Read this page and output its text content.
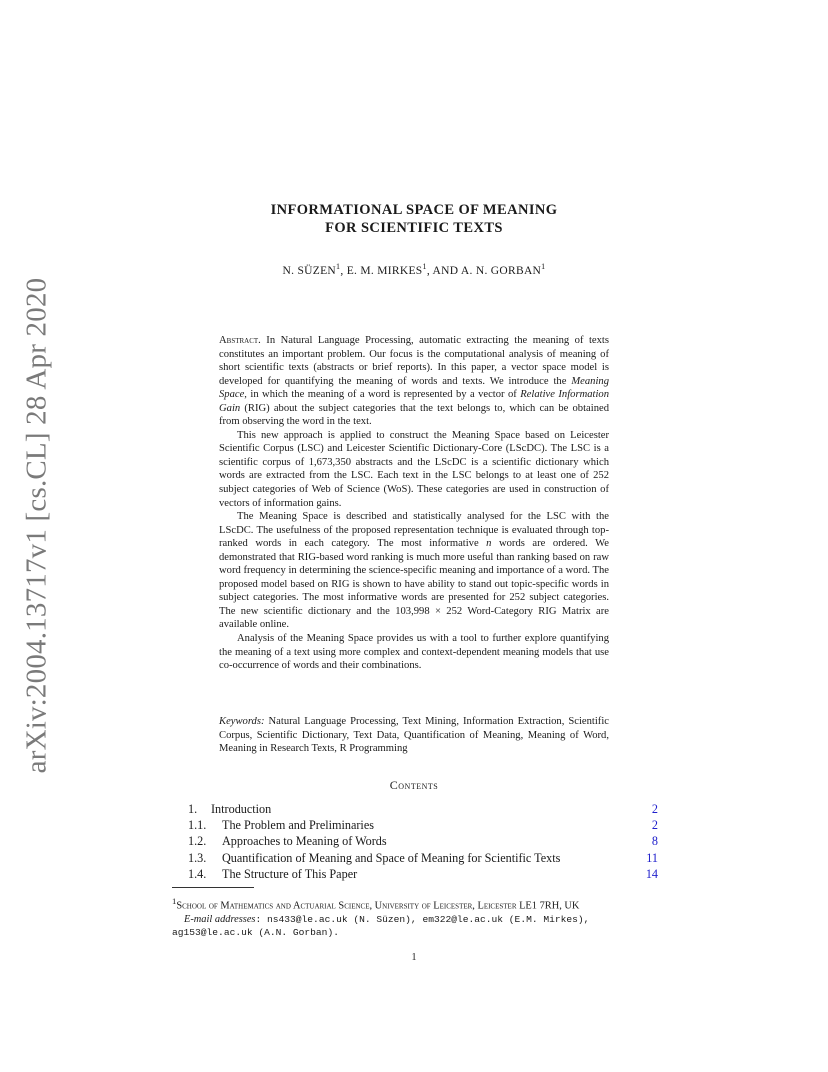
arXiv:2004.13717v1 [cs.CL] 28 Apr 2020
INFORMATIONAL SPACE OF MEANING
FOR SCIENTIFIC TEXTS
N. SÜZEN$^1$, E. M. MIRKES$^1$, AND A. N. GORBAN$^1$

Abstract. In Natural Language Processing, automatic extracting the meaning of texts constitutes an important problem. Our focus is the computational analysis of meaning of short scientific texts (abstracts or brief reports). In this paper, a vector space model is developed for quantifying the meaning of words and texts. We introduce the Meaning Space, in which the meaning of a word is represented by a vector of Relative Information Gain (RIG) about the subject categories that the text belongs to, which can be obtained from observing the word in the text.

This new approach is applied to construct the Meaning Space based on Leicester Scientific Corpus (LSC) and Leicester Scientific Dictionary-Core (LScDC). The LSC is a scientific corpus of 1,673,350 abstracts and the LScDC is a scientific dictionary which words are extracted from the LSC. Each text in the LSC belongs to at least one of 252 subject categories of Web of Science (WoS). These categories are used in construction of vectors of information gains.

The Meaning Space is described and statistically analysed for the LSC with the LScDC. The usefulness of the proposed representation technique is evaluated through top-ranked words in each category. The most informative n words are ordered. We demonstrated that RIG-based word ranking is much more useful than ranking based on raw word frequency in determining the science-specific meaning and importance of a word. The proposed model based on RIG is shown to have ability to stand out topic-specific words in subject categories. The most informative words are presented for 252 subject categories. The new scientific dictionary and the 103,998 × 252 Word-Category RIG Matrix are available online.

Analysis of the Meaning Space provides us with a tool to further explore quantifying the meaning of a text using more complex and context-dependent meaning models that use co-occurrence of words and their combinations.

Keywords: Natural Language Processing, Text Mining, Information Extraction, Scientific Corpus, Scientific Dictionary, Text Data, Quantification of Meaning, Meaning of Word, Meaning in Research Texts, R Programming

Contents
1.	Introduction	2
1.1.	The Problem and Preliminaries	2
1.2.	Approaches to Meaning of Words	8
1.3.	Quantification of Meaning and Space of Meaning for Scientific Texts	11
1.4.	The Structure of This Paper	14

$^1$School of Mathematics and Actuarial Science, University of Leicester, Leicester LE1 7RH, UK

E-mail addresses: ns433@le.ac.uk (N. Süzen), em322@le.ac.uk (E.M. Mirkes), ag153@le.ac.uk (A.N. Gorban).

1
